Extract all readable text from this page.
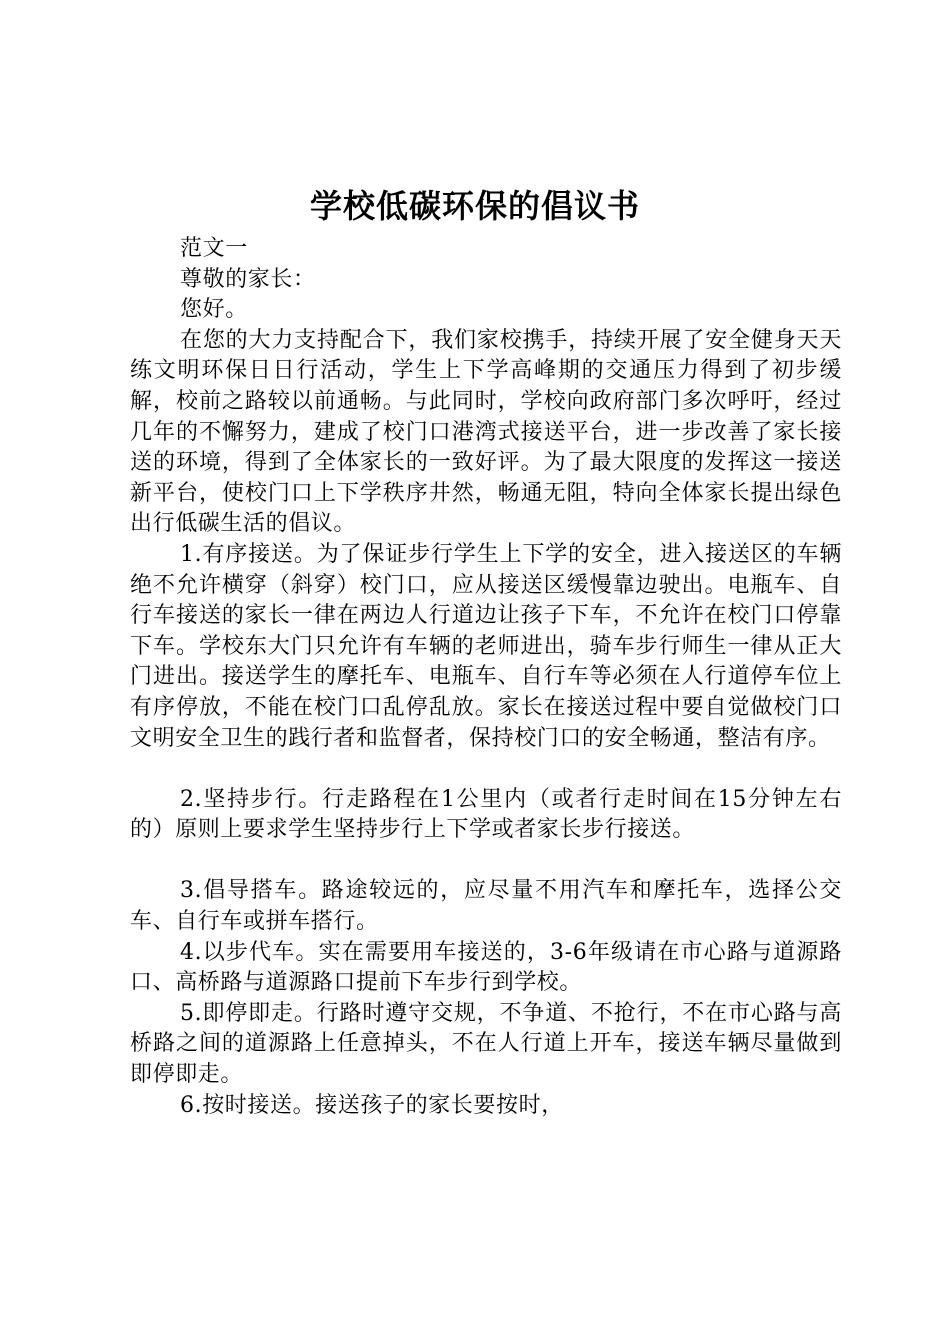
学校低碳环保的倡议书

范文一

尊敬的家长：

您好。

在您的大力支持配合下，我们家校携手，持续开展了安全健身天天练文明环保日日行活动，学生上下学高峰期的交通压力得到了初步缓解，校前之路较以前通畅。与此同时，学校向政府部门多次呼吁，经过几年的不懈努力，建成了校门口港湾式接送平台，进一步改善了家长接送的环境，得到了全体家长的一致好评。为了最大限度的发挥这一接送新平台，使校门口上下学秩序井然，畅通无阻，特向全体家长提出绿色出行低碳生活的倡议。

1.有序接送。为了保证步行学生上下学的安全，进入接送区的车辆绝不允许横穿（斜穿）校门口，应从接送区缓慢靠边驶出。电瓶车、自行车接送的家长一律在两边人行道边让孩子下车，不允许在校门口停靠下车。学校东大门只允许有车辆的老师进出，骑车步行师生一律从正大门进出。接送学生的摩托车、电瓶车、自行车等必须在人行道停车位上有序停放，不能在校门口乱停乱放。家长在接送过程中要自觉做校门口文明安全卫生的践行者和监督者，保持校门口的安全畅通，整洁有序。

2.坚持步行。行走路程在1公里内（或者行走时间在15分钟左右的）原则上要求学生坚持步行上下学或者家长步行接送。

3.倡导搭车。路途较远的，应尽量不用汽车和摩托车，选择公交车、自行车或拼车搭行。

4.以步代车。实在需要用车接送的，3-6年级请在市心路与道源路口、高桥路与道源路口提前下车步行到学校。

5.即停即走。行路时遵守交规，不争道、不抢行，不在市心路与高桥路之间的道源路上任意掉头，不在人行道上开车，接送车辆尽量做到即停即走。

6.按时接送。接送孩子的家长要按时，
